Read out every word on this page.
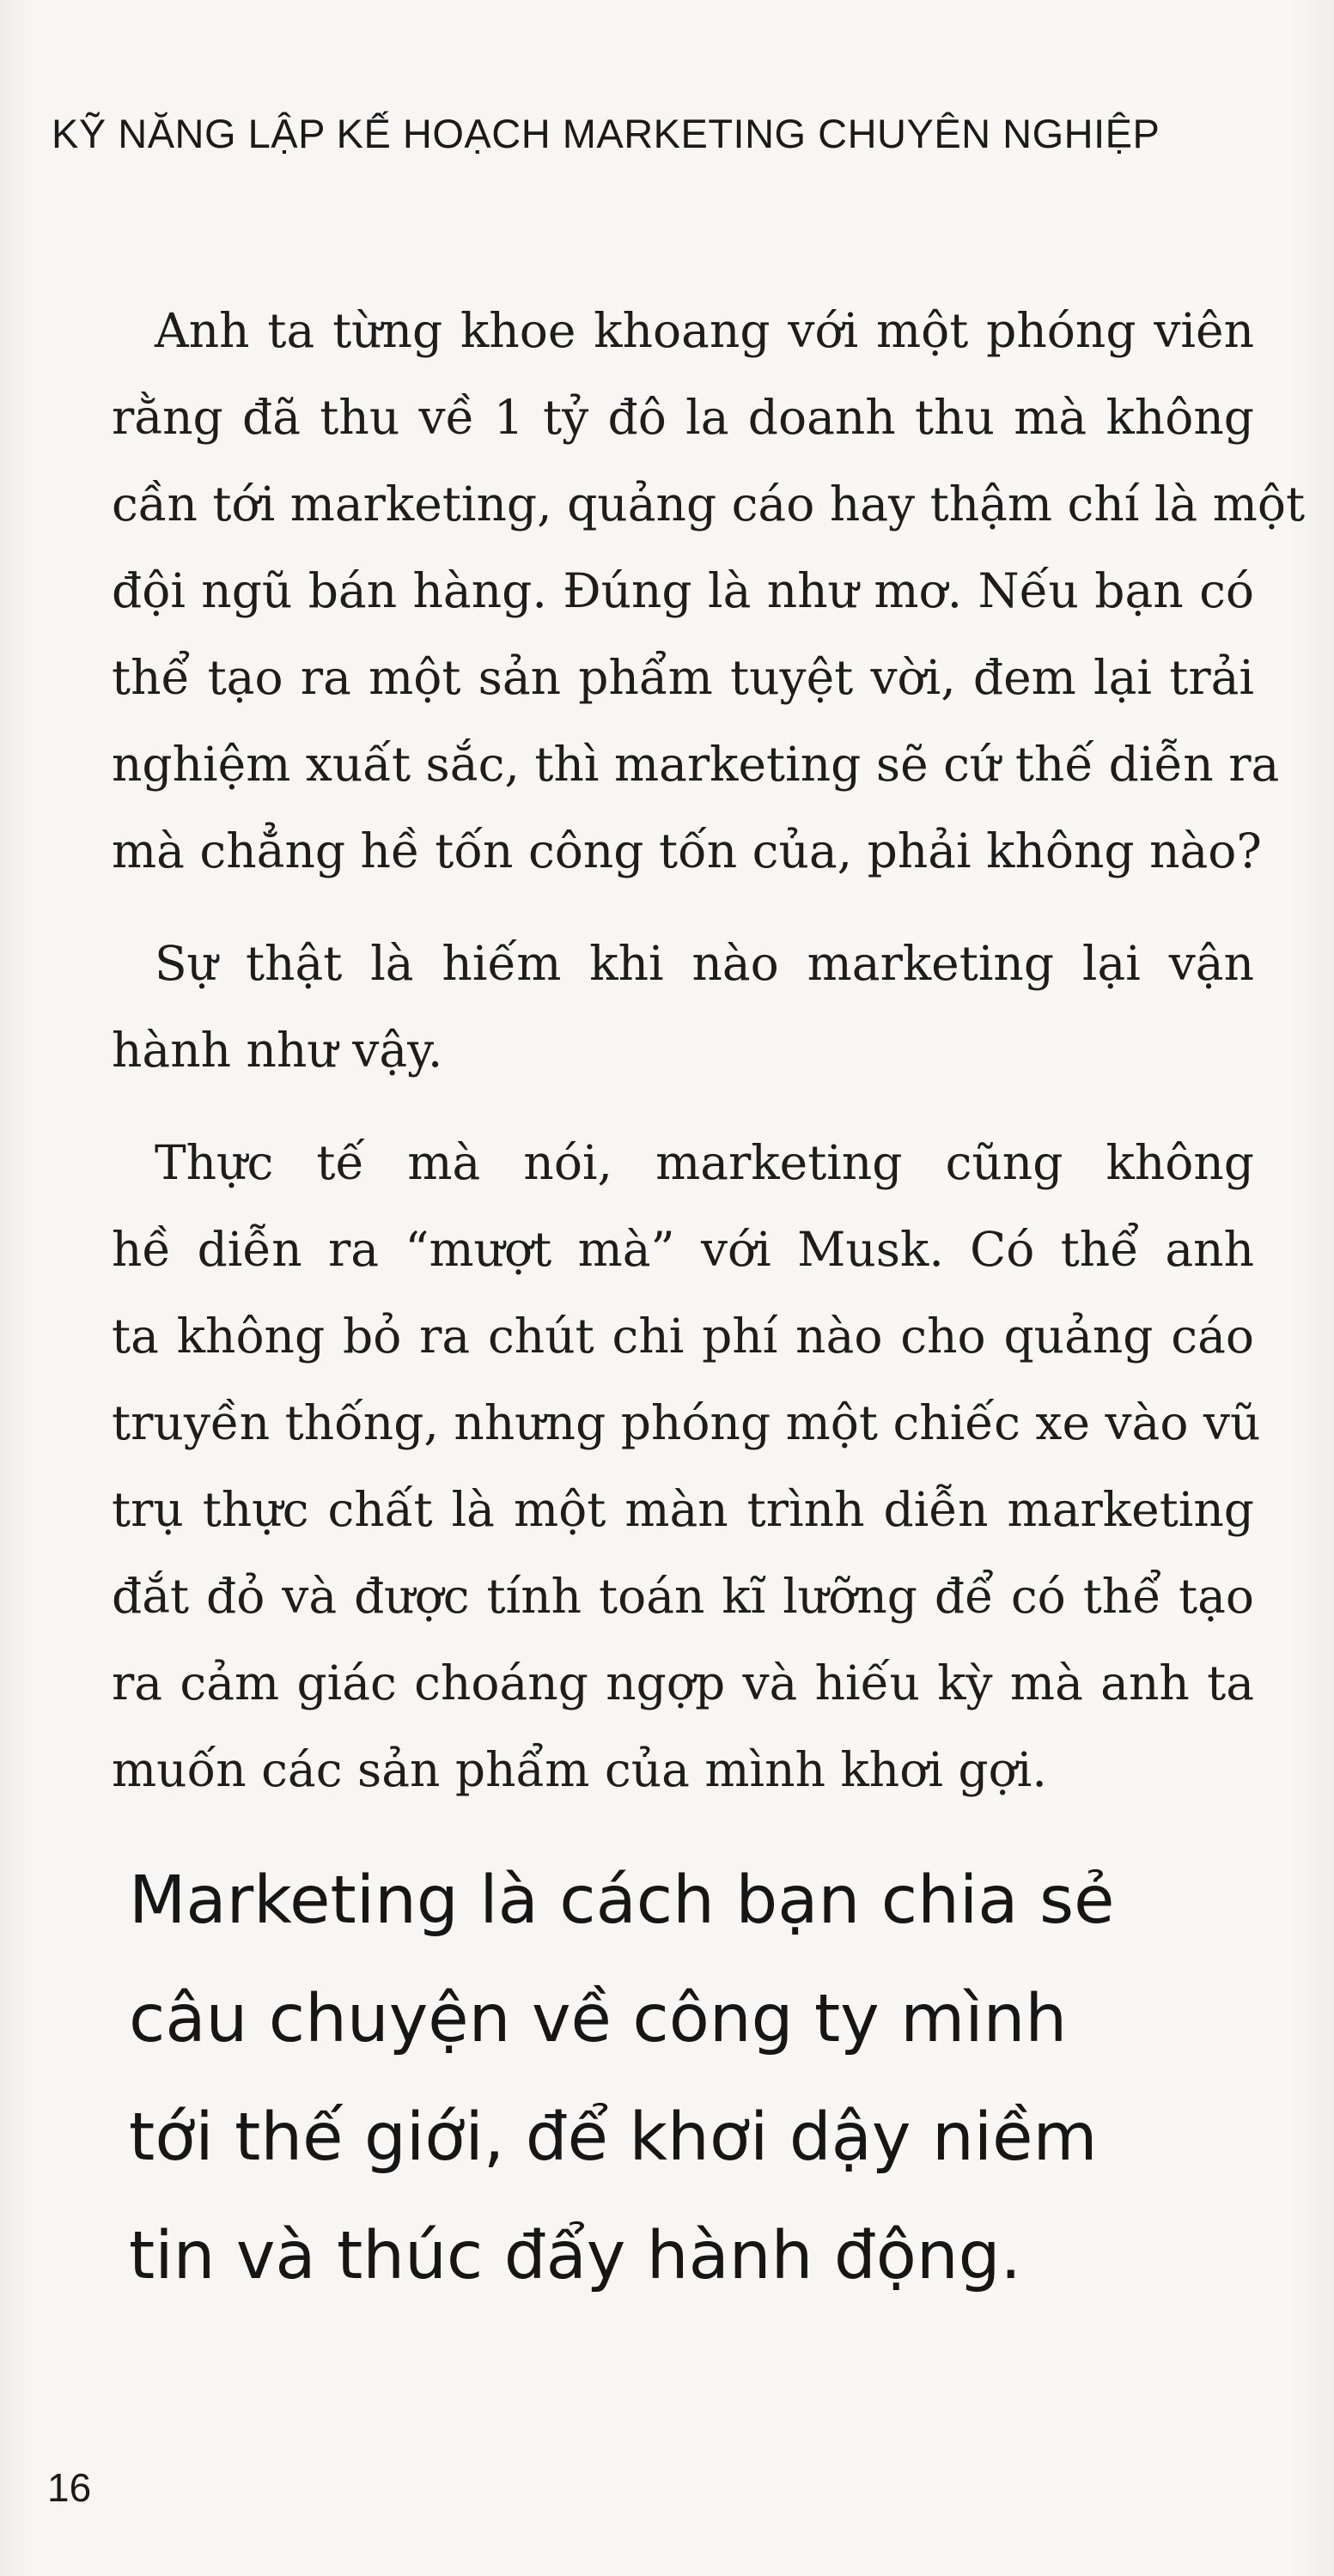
KỸ NĂNG LẬP KẾ HOẠCH MARKETING CHUYÊN NGHIỆP
Anh ta từng khoe khoang với một phóng viên
rằng đã thu về 1 tỷ đô la doanh thu mà không
cần tới marketing, quảng cáo hay thậm chí là một
đội ngũ bán hàng. Đúng là như mơ. Nếu bạn có
thể tạo ra một sản phẩm tuyệt vời, đem lại trải
nghiệm xuất sắc, thì marketing sẽ cứ thế diễn ra
mà chẳng hề tốn công tốn của, phải không nào?
Sự thật là hiếm khi nào marketing lại vận
hành như vậy.
Thực tế mà nói, marketing cũng không
hề diễn ra “mượt mà” với Musk. Có thể anh
ta không bỏ ra chút chi phí nào cho quảng cáo
truyền thống, nhưng phóng một chiếc xe vào vũ
trụ thực chất là một màn trình diễn marketing
đắt đỏ và được tính toán kĩ lưỡng để có thể tạo
ra cảm giác choáng ngợp và hiếu kỳ mà anh ta
muốn các sản phẩm của mình khơi gợi.
Marketing là cách bạn chia sẻ
câu chuyện về công ty mình
tới thế giới, để khơi dậy niềm
tin và thúc đẩy hành động.
16
